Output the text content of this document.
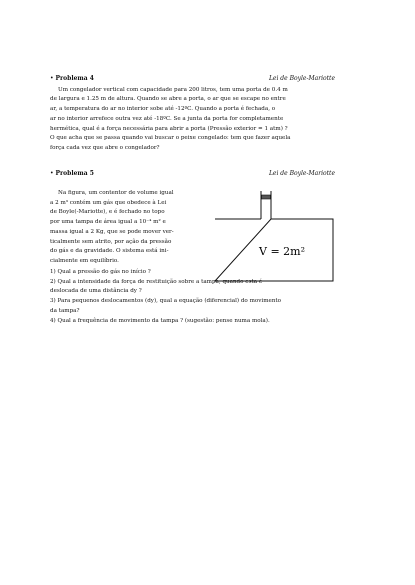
• Problema 4	Lei de Boyle-Mariotte
Um congelador vertical com capacidade para 200 litros, tem uma porta de 0.4 m
de largura e 1.25 m de altura. Quando se abre a porta, o ar que se escape no entre
ar, a temperatura do ar no interior sobe até -12ºC. Quando a porta é fechada, o
ar no interior arrefece outra vez até -18ºC. Se a junta da porta for completamente
hermética, qual é a força necessária para abrir a porta (Pressão exterior = 1 atm) ?
O que acha que se passa quando vai buscar o peixe congelado: tem que fazer aquela
força cada vez que abre o congelador?
• Problema 5	Lei de Boyle-Mariotte
Na figura, um contentor de volume igual
a 2 m³ contém um gás que obedece à Lei
de Boyle(-Mariotte), e é fechado no topo
por uma tampa de área igual a 10⁻⁴ m² e
massa igual a 2 Kg, que se pode mover ver-
ticalmente sem atrito, por ação da pressão
do gás e da gravidade. O sistema está ini-
cialmente em equilíbrio.
V = 2m²
1) Qual a pressão do gás no início ?
2) Qual a intensidade da força de restituição sobre a tampa, quando esta é
deslocada de uma distância dy ?
3) Para pequenos deslocamentos (dy), qual a equação (diferencial) do movimento
da tampa?
4) Qual a frequência de movimento da tampa ? (sugestão: pense numa mola).
